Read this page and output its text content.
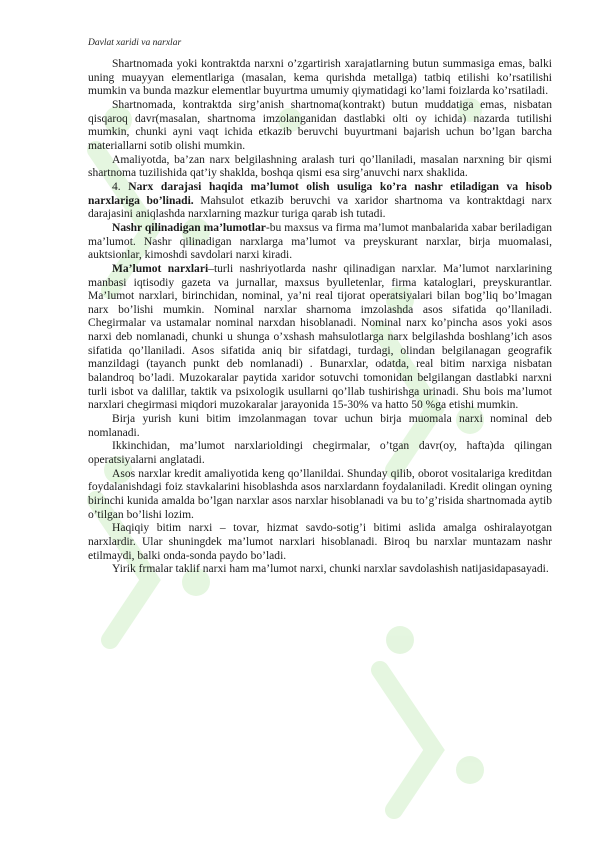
Davlat xaridi va narxlar

Shartnomada yoki kontraktda narxni o’zgartirish xarajatlarning butun summasiga emas, balki uning muayyan elementlariga (masalan, kema qurishda metallga) tatbiq etilishi ko’rsatilishi mumkin va bunda mazkur elementlar buyurtma umumiy qiymatidagi ko’lami foizlarda ko’rsatiladi.

Shartnomada, kontraktda sirg’anish shartnoma(kontrakt) butun muddatiga emas, nisbatan qisqaroq davr(masalan, shartnoma imzolanganidan dastlabki olti oy ichida) nazarda tutilishi mumkin, chunki ayni vaqt ichida etkazib beruvchi buyurtmani bajarish uchun bo’lgan barcha materiallarni sotib olishi mumkin.

Amaliyotda, ba’zan narx belgilashning aralash turi qo’llaniladi, masalan narxning bir qismi shartnoma tuzilishida qat’iy shaklda, boshqa qismi esa sirg’anuvchi narx shaklida.

4. Narx darajasi haqida ma’lumot olish usuliga ko’ra nashr etiladigan va hisob narxlariga bo’linadi. Mahsulot etkazib beruvchi va xaridor shartnoma va kontraktdagi narx darajasini aniqlashda narxlarning mazkur turiga qarab ish tutadi.

Nashr qilinadigan ma’lumotlar-bu maxsus va firma ma’lumot manbalarida xabar beriladigan ma’lumot. Nashr qilinadigan narxlarga ma’lumot va preyskurant narxlar, birja muomalasi, auktsionlar, kimoshdi savdolari narxi kiradi.

Ma’lumot narxlari–turli nashriyotlarda nashr qilinadigan narxlar. Ma’lumot narxlarining manbasi iqtisodiy gazeta va jurnallar, maxsus byulletenlar, firma kataloglari, preyskurantlar. Ma’lumot narxlari, birinchidan, nominal, ya’ni real tijorat operatsiyalari bilan bog’liq bo’lmagan narx bo’lishi mumkin. Nominal narxlar sharnoma imzolashda asos sifatida qo’llaniladi. Chegirmalar va ustamalar nominal narxdan hisoblanadi. Nominal narx ko’pincha asos yoki asos narxi deb nomlanadi, chunki u shunga o’xshash mahsulotlarga narx belgilashda boshlang’ich asos sifatida qo’llaniladi. Asos sifatida aniq bir sifatdagi, turdagi, olindan belgilanagan geografik manzildagi (tayanch punkt deb nomlanadi) . Bunarxlar, odatda, real bitim narxiga nisbatan balandroq bo’ladi. Muzokaralar paytida xaridor sotuvchi tomonidan belgilangan dastlabki narxni turli isbot va dalillar, taktik va psixologik usullarni qo’llab tushirishga urinadi. Shu bois ma’lumot narxlari chegirmasi miqdori muzokaralar jarayonida 15-30% va hatto 50 %ga etishi mumkin.

Birja yurish kuni bitim imzolanmagan tovar uchun birja muomala narxi nominal deb nomlanadi.

Ikkinchidan, ma’lumot narxlarioldingi chegirmalar, o’tgan davr(oy, hafta)da qilingan operatsiyalarni anglatadi.

Asos narxlar kredit amaliyotida keng qo’llanildai. Shunday qilib, oborot vositalariga kreditdan foydalanishdagi foiz stavkalarini hisoblashda asos narxlardann foydalaniladi. Kredit olingan oyning birinchi kunida amalda bo’lgan narxlar asos narxlar hisoblanadi va bu to’g’risida shartnomada aytib o’tilgan bo’lishi lozim.

Haqiqiy bitim narxi – tovar, hizmat savdo-sotig’i bitimi aslida amalga oshiralayotgan narxlardir. Ular shuningdek ma’lumot narxlari hisoblanadi. Biroq bu narxlar muntazam nashr etilmaydi, balki onda-sonda paydo bo’ladi.

Yirik frmalar taklif narxi ham ma’lumot narxi, chunki narxlar savdolashish natijasidapasayadi.
